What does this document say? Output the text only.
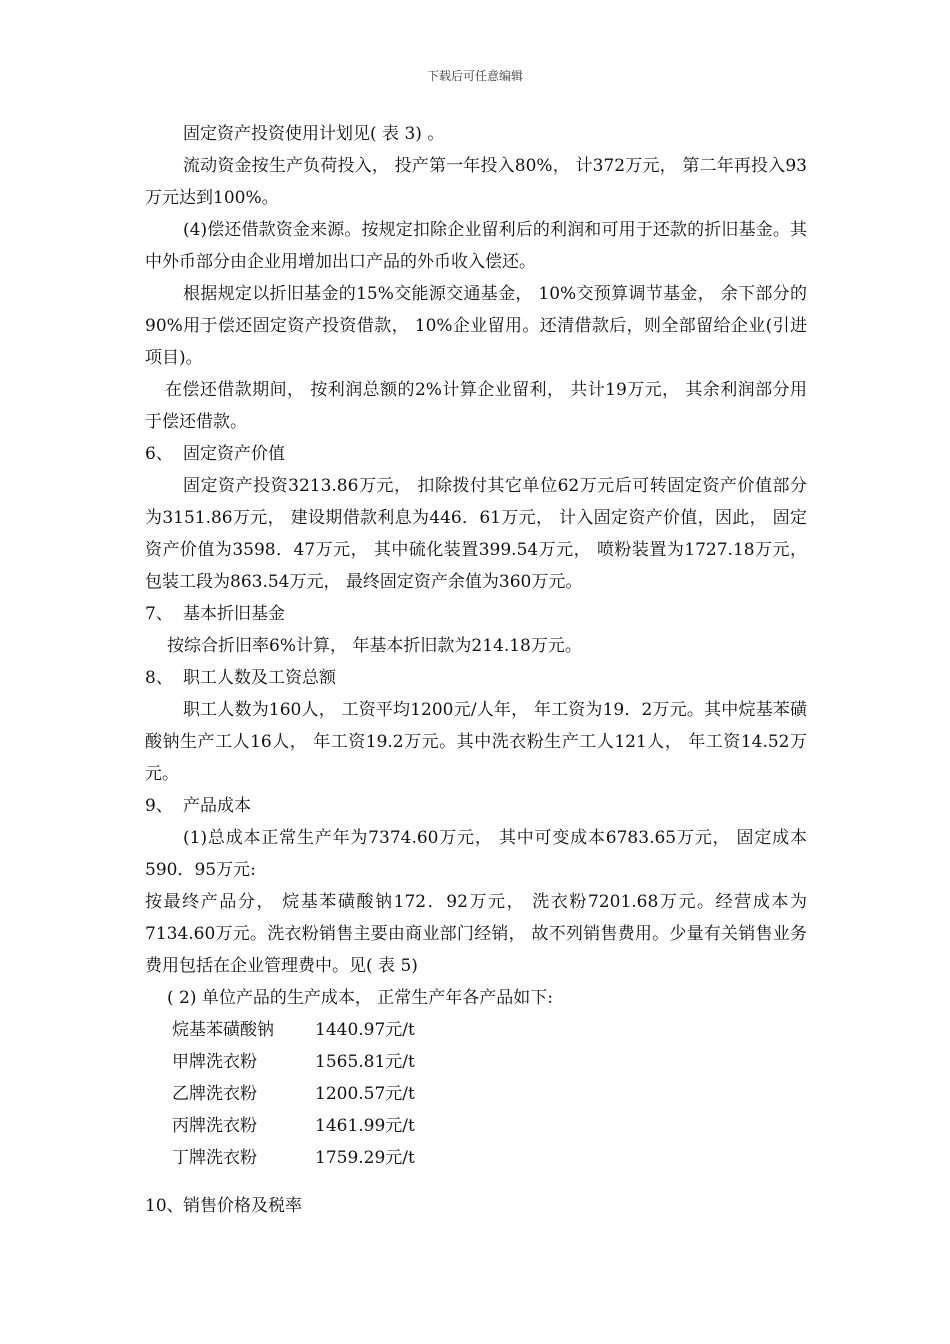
下载后可任意编辑

固定资产投资使用计划见( 表 3) 。

流动资金按生产负荷投入， 投产第一年投入80%， 计372万元， 第二年再投入93万元达到100%。

(4)偿还借款资金来源。按规定扣除企业留利后的利润和可用于还款的折旧基金。其中外币部分由企业用增加出口产品的外币收入偿还。

根据规定以折旧基金的15%交能源交通基金， 10%交预算调节基金， 余下部分的90%用于偿还固定资产投资借款， 10%企业留用。还清借款后，则全部留给企业(引进项目)。

在偿还借款期间， 按利润总额的2%计算企业留利， 共计19万元， 其余利润部分用于偿还借款。

6、 固定资产价值

固定资产投资3213.86万元， 扣除拨付其它单位62万元后可转固定资产价值部分为3151.86万元， 建设期借款利息为446．61万元， 计入固定资产价值，因此， 固定资产价值为3598．47万元， 其中硫化装置399.54万元， 喷粉装置为1727.18万元， 包装工段为863.54万元， 最终固定资产余值为360万元。

7、 基本折旧基金

按综合折旧率6%计算， 年基本折旧款为214.18万元。

8、 职工人数及工资总额

职工人数为160人， 工资平均1200元/人年， 年工资为19．2万元。其中烷基苯磺酸钠生产工人16人， 年工资19.2万元。其中洗衣粉生产工人121人， 年工资14.52万元。

9、 产品成本

(1)总成本正常生产年为7374.60万元， 其中可变成本6783.65万元， 固定成本590．95万元:

按最终产品分， 烷基苯磺酸钠172．92万元， 洗衣粉7201.68万元。经营成本为7134.60万元。洗衣粉销售主要由商业部门经销， 故不列销售费用。少量有关销售业务费用包括在企业管理费中。见( 表 5)

( 2) 单位产品的生产成本， 正常生产年各产品如下:

烷基苯磺酸钠	1440.97元/t
甲牌洗衣粉	1565.81元/t
乙牌洗衣粉	1200.57元/t
丙牌洗衣粉	1461.99元/t
丁牌洗衣粉	1759.29元/t

10、销售价格及税率
